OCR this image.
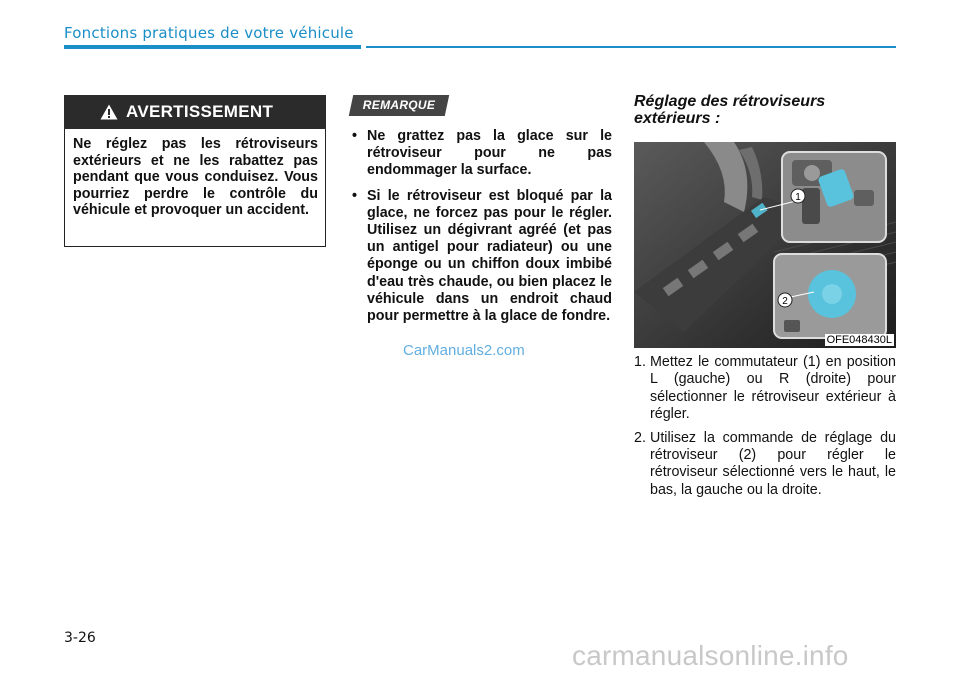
Fonctions pratiques de votre véhicule
AVERTISSEMENT
Ne réglez pas les rétroviseurs extérieurs et ne les rabattez pas pendant que vous conduisez. Vous pourriez perdre le contrôle du véhicule et provoquer un accident.
REMARQUE
• Ne grattez pas la glace sur le rétroviseur pour ne pas endommager la surface.
• Si le rétroviseur est bloqué par la glace, ne forcez pas pour le régler. Utilisez un dégivrant agréé (et pas un antigel pour radiateur) ou une éponge ou un chiffon doux imbibé d'eau très chaude, ou bien placez le véhicule dans un endroit chaud pour permettre à la glace de fondre.
CarManuals2.com
Réglage des rétroviseurs extérieurs :
1
2
OFE048430L
1. Mettez le commutateur (1) en position L (gauche) ou R (droite) pour sélectionner le rétroviseur extérieur à régler.
2. Utilisez la commande de réglage du rétroviseur (2) pour régler le rétroviseur sélectionné vers le haut, le bas, la gauche ou la droite.
3-26
carmanualsonline.info
